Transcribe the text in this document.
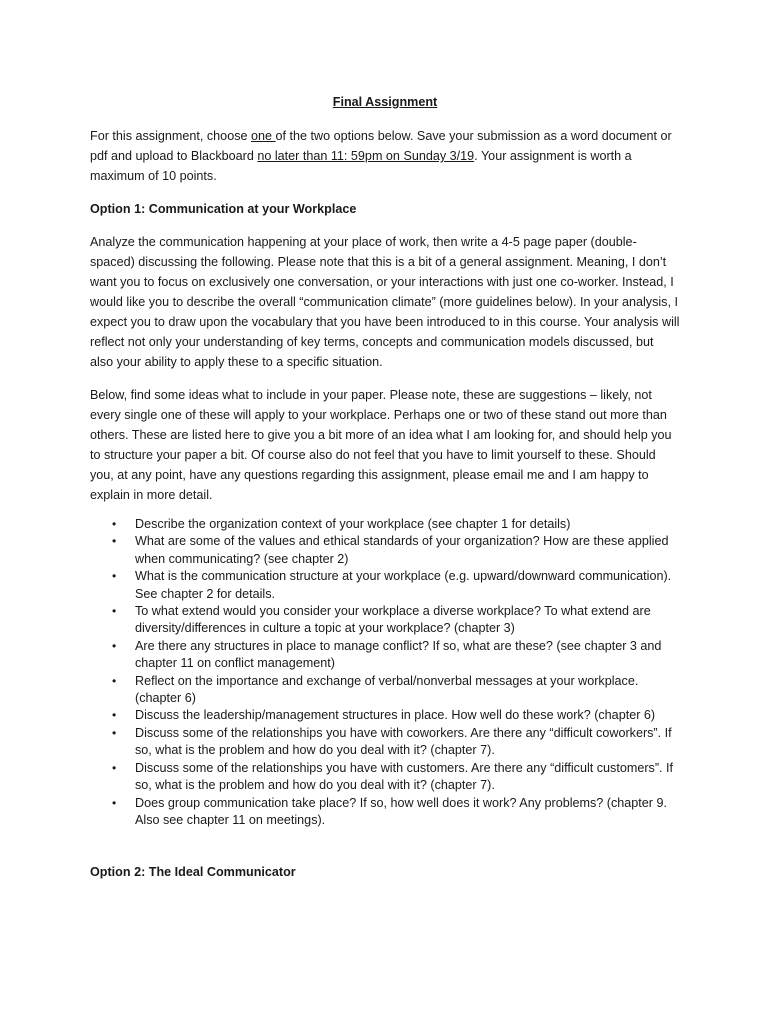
Final Assignment

For this assignment, choose one of the two options below. Save your submission as a word document or pdf and upload to Blackboard no later than 11: 59pm on Sunday 3/19. Your assignment is worth a maximum of 10 points.

Option 1: Communication at your Workplace

Analyze the communication happening at your place of work, then write a 4-5 page paper (double-spaced) discussing the following. Please note that this is a bit of a general assignment. Meaning, I don’t want you to focus on exclusively one conversation, or your interactions with just one co-worker. Instead, I would like you to describe the overall “communication climate” (more guidelines below). In your analysis, I expect you to draw upon the vocabulary that you have been introduced to in this course. Your analysis will reflect not only your understanding of key terms, concepts and communication models discussed, but also your ability to apply these to a specific situation.

Below, find some ideas what to include in your paper. Please note, these are suggestions – likely, not every single one of these will apply to your workplace. Perhaps one or two of these stand out more than others. These are listed here to give you a bit more of an idea what I am looking for, and should help you to structure your paper a bit. Of course also do not feel that you have to limit yourself to these. Should you, at any point, have any questions regarding this assignment, please email me and I am happy to explain in more detail.

• Describe the organization context of your workplace (see chapter 1 for details)
• What are some of the values and ethical standards of your organization? How are these applied when communicating? (see chapter 2)
• What is the communication structure at your workplace (e.g. upward/downward communication). See chapter 2 for details.
• To what extend would you consider your workplace a diverse workplace? To what extend are diversity/differences in culture a topic at your workplace? (chapter 3)
• Are there any structures in place to manage conflict? If so, what are these? (see chapter 3 and chapter 11 on conflict management)
• Reflect on the importance and exchange of verbal/nonverbal messages at your workplace. (chapter 6)
• Discuss the leadership/management structures in place. How well do these work? (chapter 6)
• Discuss some of the relationships you have with coworkers. Are there any “difficult coworkers”. If so, what is the problem and how do you deal with it? (chapter 7).
• Discuss some of the relationships you have with customers. Are there any “difficult customers”. If so, what is the problem and how do you deal with it? (chapter 7).
• Does group communication take place? If so, how well does it work? Any problems? (chapter 9. Also see chapter 11 on meetings).

Option 2: The Ideal Communicator
